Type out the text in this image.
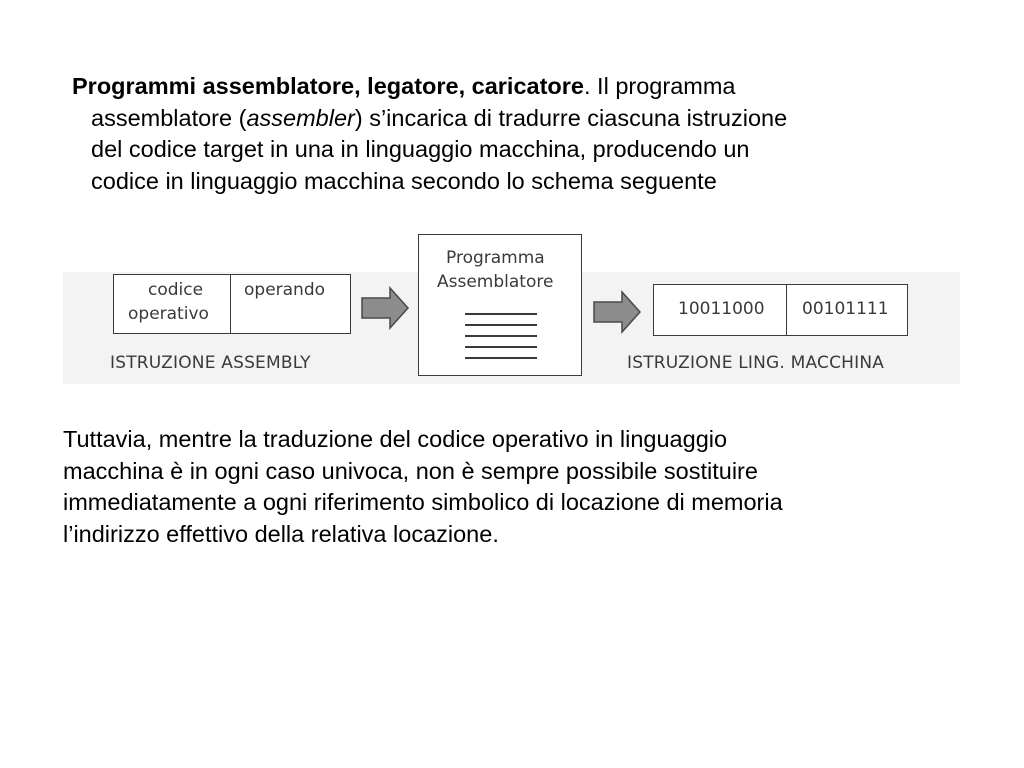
Programmi assemblatore, legatore, caricatore. Il programma
assemblatore (assembler) s’incarica di tradurre ciascuna istruzione
del codice target in una in linguaggio macchina, producendo un
codice in linguaggio macchina secondo lo schema seguente
codice
operativo
operando
ISTRUZIONE ASSEMBLY
Programma
Assemblatore
10011000 00101111
ISTRUZIONE LING. MACCHINA
Tuttavia, mentre la traduzione del codice operativo in linguaggio
macchina è in ogni caso univoca, non è sempre possibile sostituire
immediatamente a ogni riferimento simbolico di locazione di memoria
l’indirizzo effettivo della relativa locazione.
